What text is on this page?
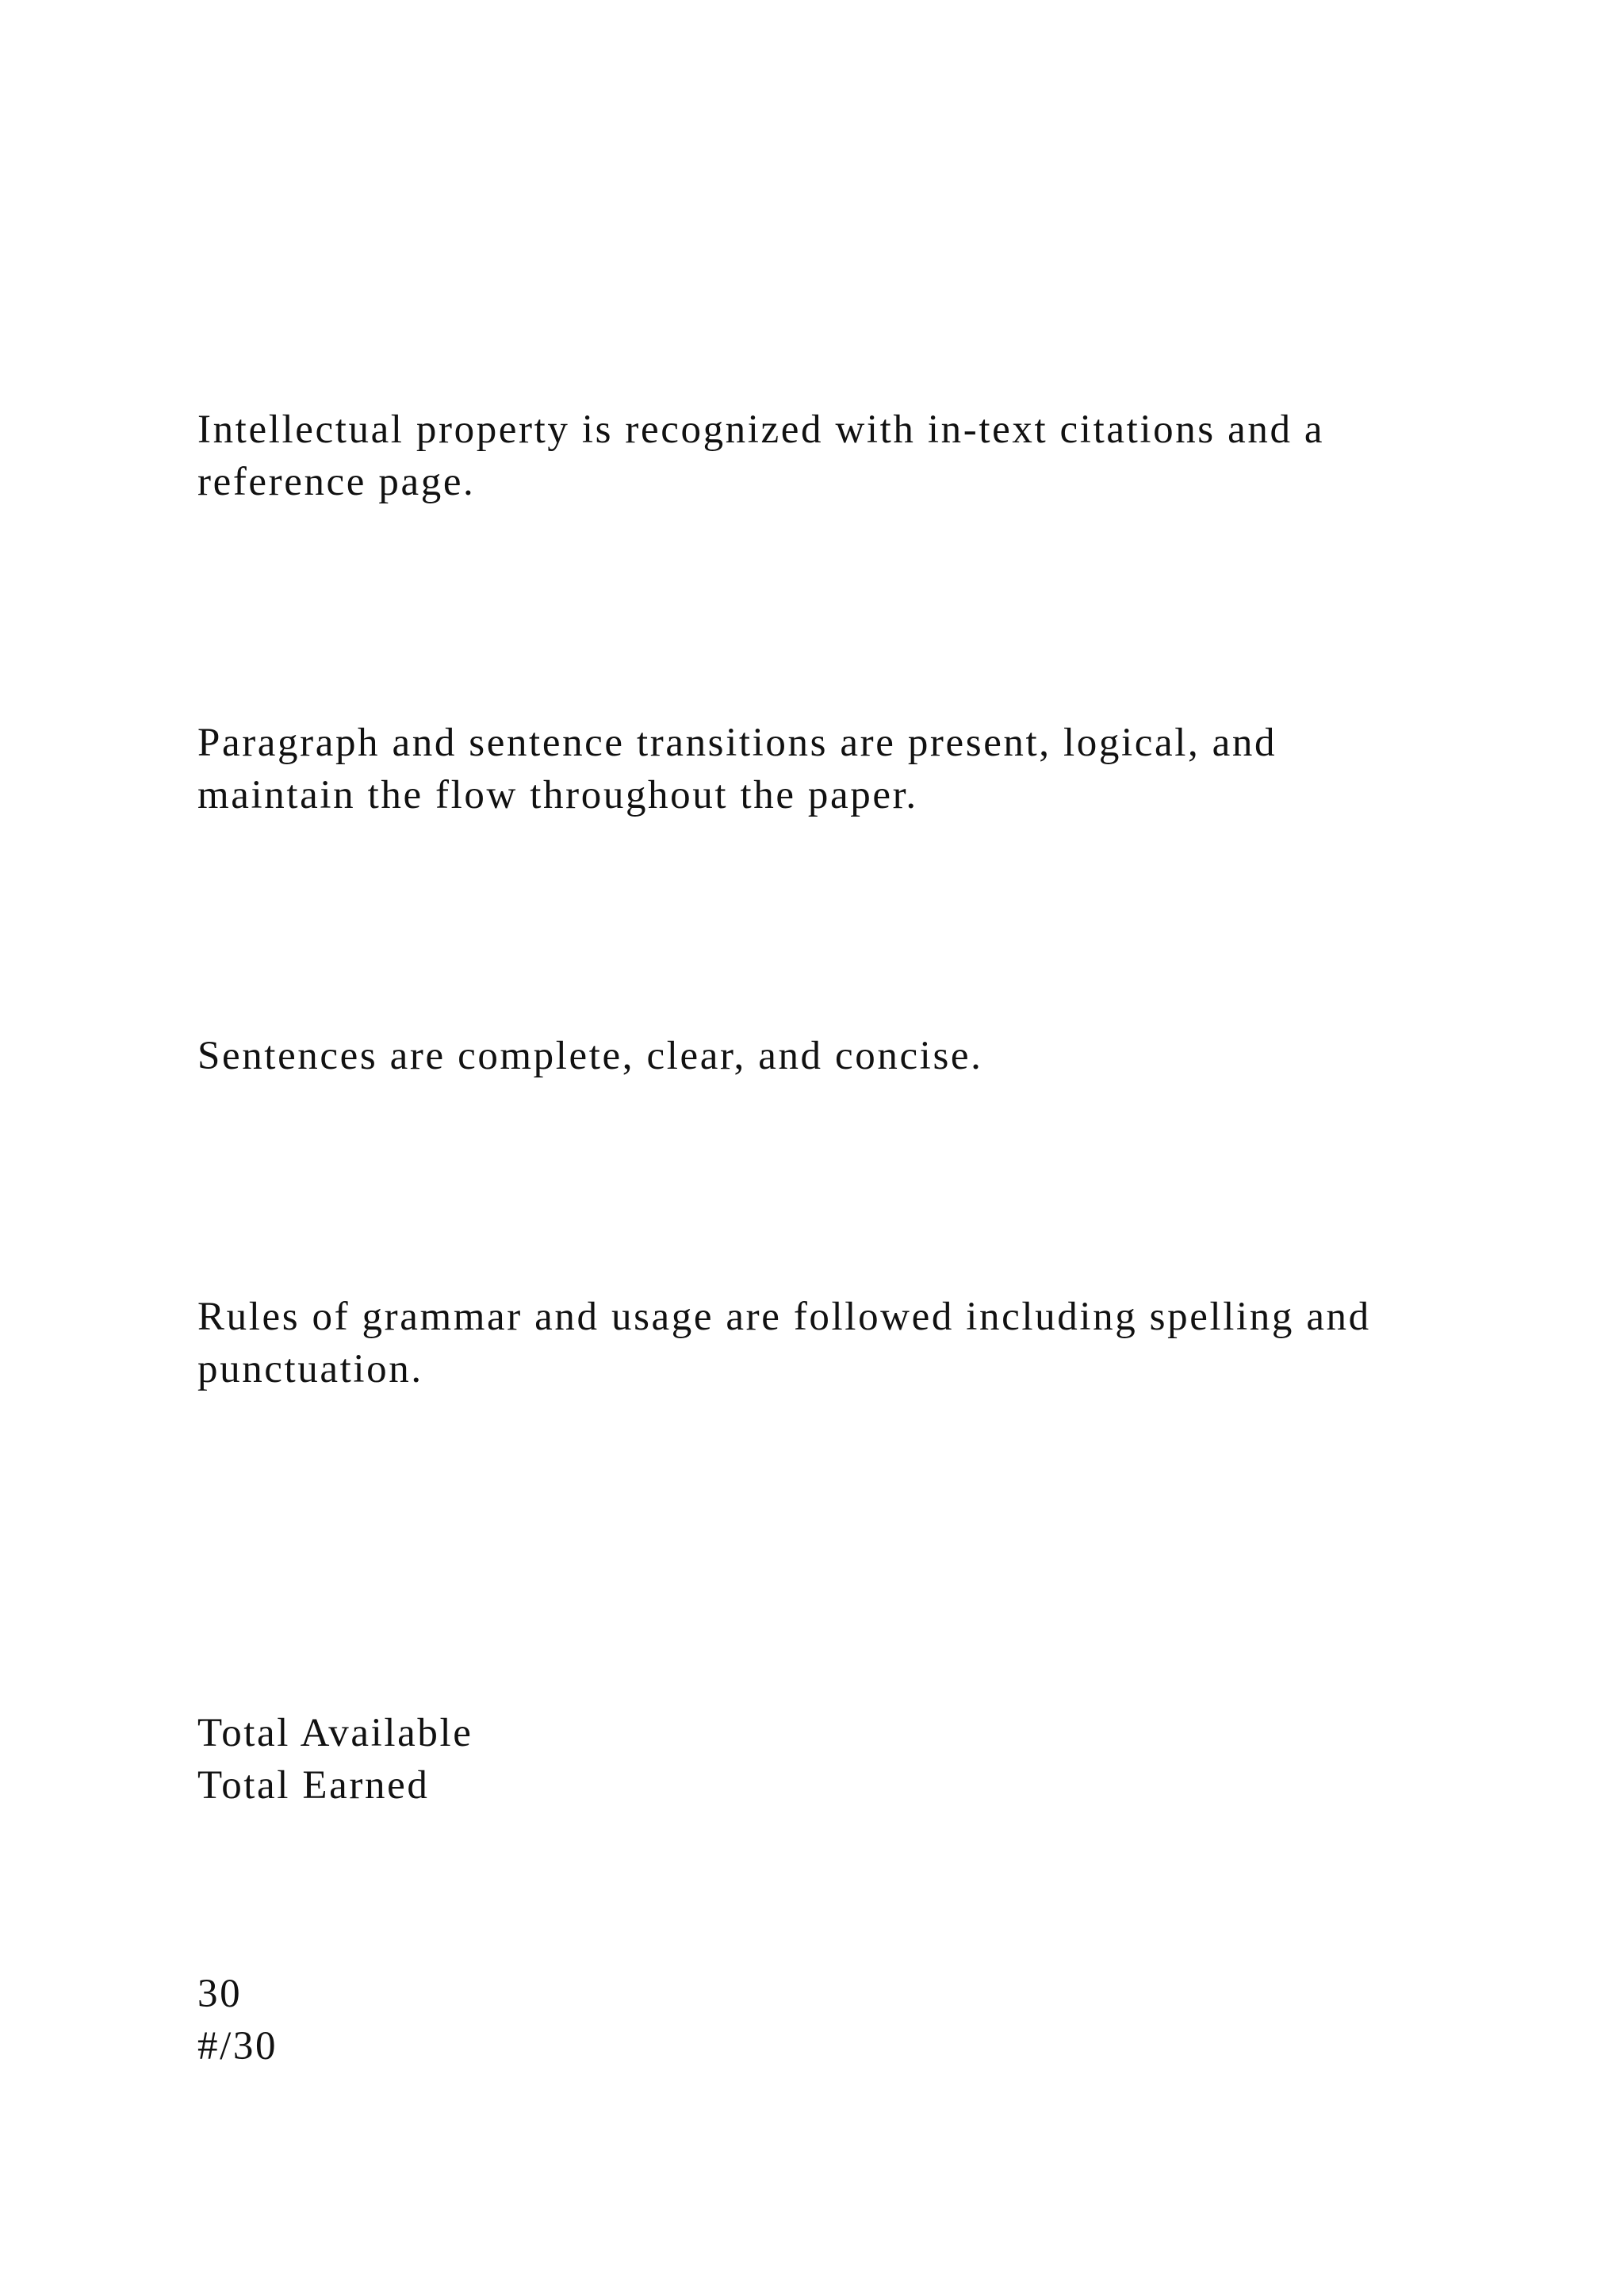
Intellectual property is recognized with in-text citations and a
reference page.
Paragraph and sentence transitions are present, logical, and
maintain the flow throughout the paper.
Sentences are complete, clear, and concise.
Rules of grammar and usage are followed including spelling and
punctuation.
Total Available
Total Earned
30
#/30
